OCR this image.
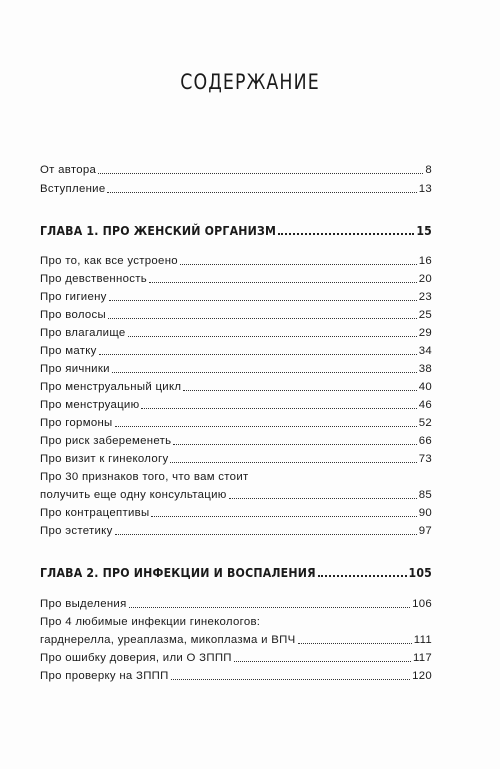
СОДЕРЖАНИЕ
От автора	8
Вступление	13
ГЛАВА 1. ПРО ЖЕНСКИЙ ОРГАНИЗМ	15
Про то, как все устроено	16
Про девственность	20
Про гигиену	23
Про волосы	25
Про влагалище	29
Про матку	34
Про яичники	38
Про менструальный цикл	40
Про менструацию	46
Про гормоны	52
Про риск забеременеть	66
Про визит к гинекологу	73
Про 30 признаков того, что вам стоит
получить еще одну консультацию	85
Про контрацептивы	90
Про эстетику	97
ГЛАВА 2. ПРО ИНФЕКЦИИ И ВОСПАЛЕНИЯ	105
Про выделения	106
Про 4 любимые инфекции гинекологов:
гарднерелла, уреаплазма, микоплазма и ВПЧ	111
Про ошибку доверия, или О ЗППП	117
Про проверку на ЗППП	120
